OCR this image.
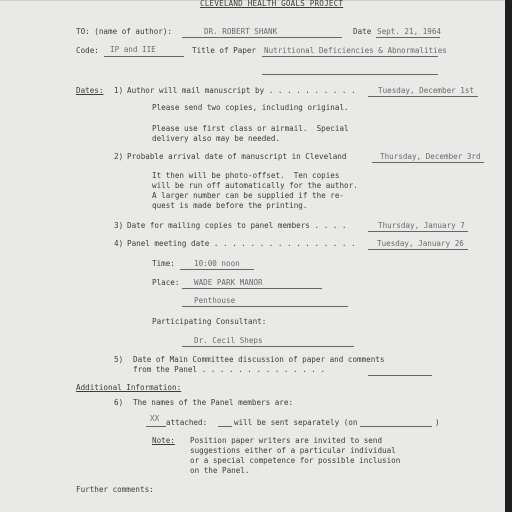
CLEVELAND HEALTH GOALS PROJECT
TO: (name of author):	DR. ROBERT SHANK	Date Sept. 21, 1964
Code: IP and IIE	Title of Paper Nutritional Deficiencies & Abnormalities
Dates: 1) Author will mail manuscript by . . . . . . . . . .	Tuesday, December 1st
Please send two copies, including original.
Please use first class or airmail.  Special
delivery also may be needed.
2) Probable arrival date of manuscript in Cleveland	Thursday, December 3rd
It then will be photo-offset.  Ten copies
will be run off automatically for the author.
A larger number can be supplied if the re-
quest is made before the printing.
3) Date for mailing copies to panel members . . . .	Thursday, January 7
4) Panel meeting date . . . . . . . . . . . . . . . .	Tuesday, January 26
Time:	10:00 noon
Place: WADE PARK MANOR
Penthouse
Participating Consultant:
Dr. Cecil Sheps
5) Date of Main Committee discussion of paper and comments
from the Panel . . . . . . . . . . . . . .
Additional Information:
6) The names of the Panel members are:
XX attached:	will be sent separately (on	)
Note: Position paper writers are invited to send
suggestions either of a particular individual
or a special competence for possible inclusion
on the Panel.
Further comments:
